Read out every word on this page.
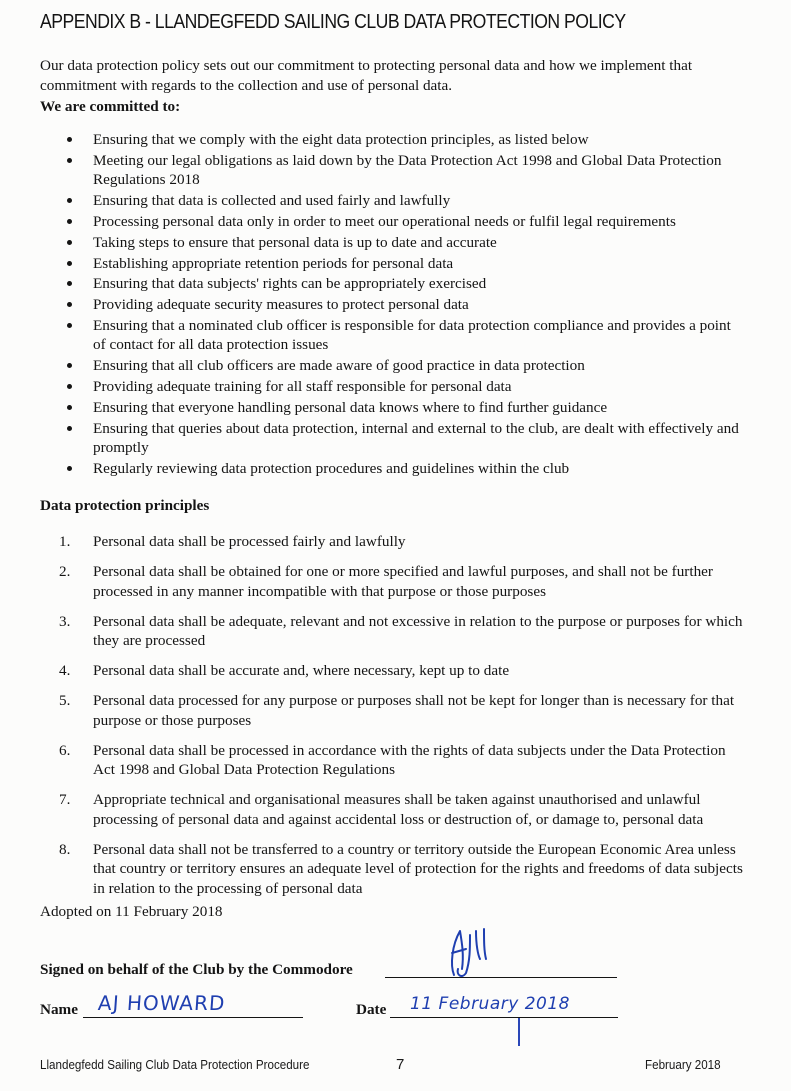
APPENDIX B - LLANDEGFEDD SAILING CLUB DATA PROTECTION POLICY
Our data protection policy sets out our commitment to protecting personal data and how we implement that commitment with regards to the collection and use of personal data.
We are committed to:
Ensuring that we comply with the eight data protection principles, as listed below
Meeting our legal obligations as laid down by the Data Protection Act 1998 and Global Data Protection Regulations 2018
Ensuring that data is collected and used fairly and lawfully
Processing personal data only in order to meet our operational needs or fulfil legal requirements
Taking steps to ensure that personal data is up to date and accurate
Establishing appropriate retention periods for personal data
Ensuring that data subjects' rights can be appropriately exercised
Providing adequate security measures to protect personal data
Ensuring that a nominated club officer is responsible for data protection compliance and provides a point of contact for all data protection issues
Ensuring that all club officers are made aware of good practice in data protection
Providing adequate training for all staff responsible for personal data
Ensuring that everyone handling personal data knows where to find further guidance
Ensuring that queries about data protection, internal and external to the club, are dealt with effectively and promptly
Regularly reviewing data protection procedures and guidelines within the club
Data protection principles
1. Personal data shall be processed fairly and lawfully
2. Personal data shall be obtained for one or more specified and lawful purposes, and shall not be further processed in any manner incompatible with that purpose or those purposes
3. Personal data shall be adequate, relevant and not excessive in relation to the purpose or purposes for which they are processed
4. Personal data shall be accurate and, where necessary, kept up to date
5. Personal data processed for any purpose or purposes shall not be kept for longer than is necessary for that purpose or those purposes
6. Personal data shall be processed in accordance with the rights of data subjects under the Data Protection Act 1998 and Global Data Protection Regulations
7. Appropriate technical and organisational measures shall be taken against unauthorised and unlawful processing of personal data and against accidental loss or destruction of, or damage to, personal data
8. Personal data shall not be transferred to a country or territory outside the European Economic Area unless that country or territory ensures an adequate level of protection for the rights and freedoms of data subjects in relation to the processing of personal data
Adopted on 11 February 2018
Signed on behalf of the Club by the Commodore
Name AJ HOWARD	Date 11 February 2018
Llandegfedd Sailing Club Data Protection Procedure	7	February 2018
